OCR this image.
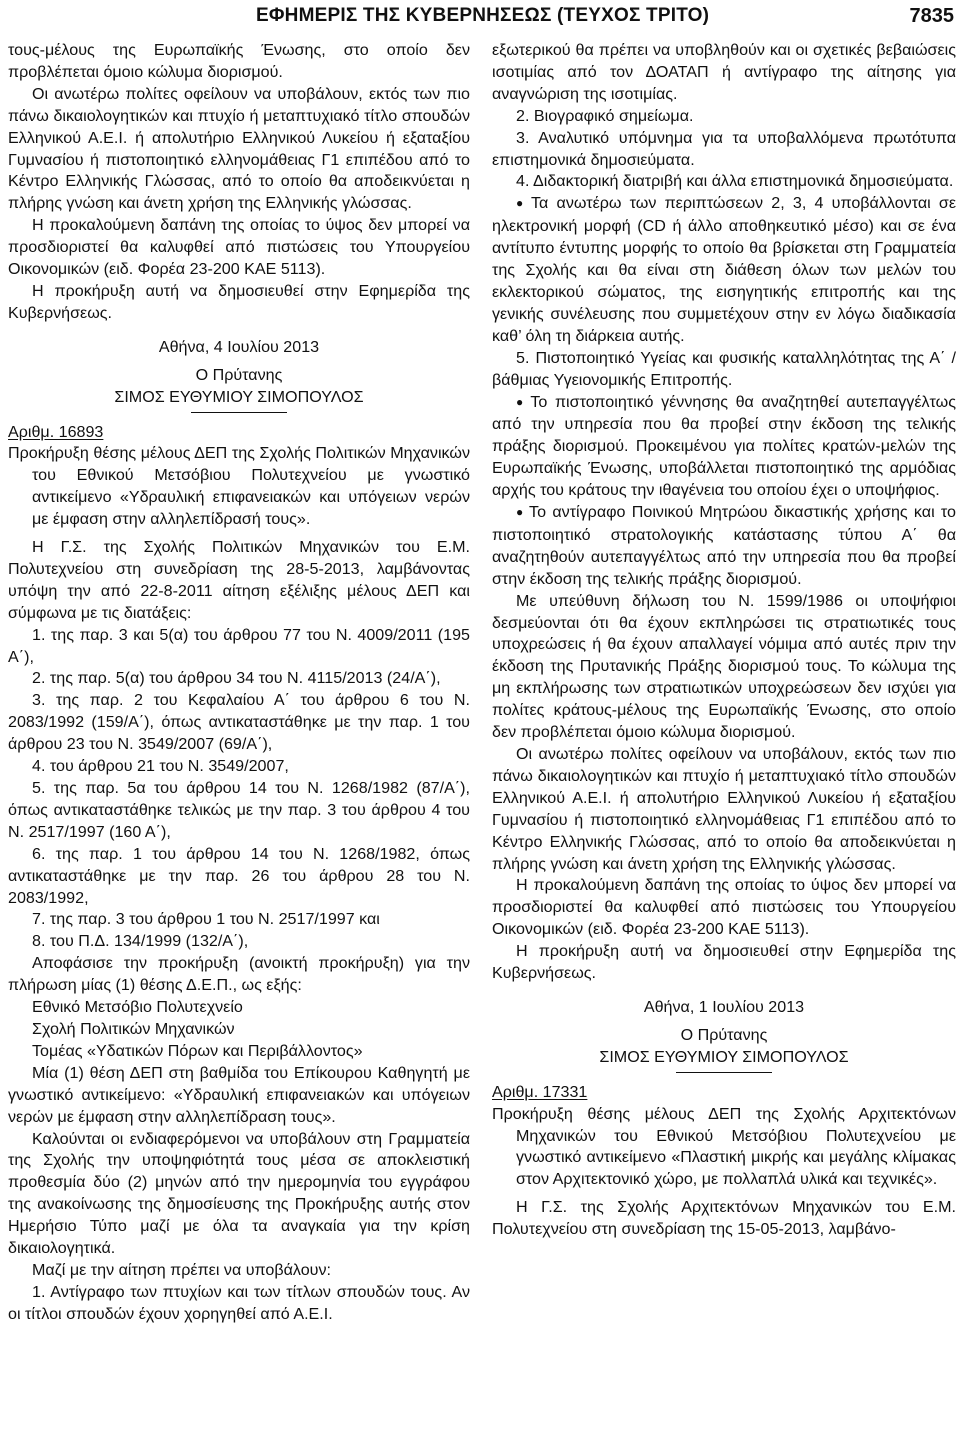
ΕΦΗΜΕΡΙΣ ΤΗΣ ΚΥΒΕΡΝΗΣΕΩΣ (ΤΕΥΧΟΣ ΤΡΙΤΟ)	7835

τους-μέλους της Ευρωπαϊκής Ένωσης, στο οποίο δεν προβλέπεται όμοιο κώλυμα διορισμού.

Οι ανωτέρω πολίτες οφείλουν να υποβάλουν, εκτός των πιο πάνω δικαιολογητικών και πτυχίο ή μεταπτυχιακό τίτλο σπουδών Ελληνικού Α.Ε.Ι. ή απολυτήριο Ελληνικού Λυκείου ή εξαταξίου Γυμνασίου ή πιστοποιητικό ελληνομάθειας Γ1 επιπέδου από το Κέντρο Ελληνικής Γλώσσας, από το οποίο θα αποδεικνύεται η πλήρης γνώση και άνετη χρήση της Ελληνικής γλώσσας.

Η προκαλούμενη δαπάνη της οποίας το ύψος δεν μπορεί να προσδιοριστεί θα καλυφθεί από πιστώσεις του Υπουργείου Οικονομικών (ειδ. Φορέα 23-200 ΚΑΕ 5113).

Η προκήρυξη αυτή να δημοσιευθεί στην Εφημερίδα της Κυβερνήσεως.

Αθήνα, 4 Ιουλίου 2013

Ο Πρύτανης

ΣΙΜΟΣ ΕΥΘΥΜΙΟΥ ΣΙΜΟΠΟΥΛΟΣ

Αριθμ. 16893

Προκήρυξη θέσης μέλους ΔΕΠ της Σχολής Πολιτικών Μηχανικών του Εθνικού Μετσόβιου Πολυτεχνείου με γνωστικό αντικείμενο «Υδραυλική επιφανειακών και υπόγειων νερών με έμφαση στην αλληλεπίδρασή τους».

Η Γ.Σ. της Σχολής Πολιτικών Μηχανικών του Ε.Μ. Πολυτεχνείου στη συνεδρίαση της 28-5-2013, λαμβάνοντας υπόψη την από 22-8-2011 αίτηση εξέλιξης μέλους ΔΕΠ και σύμφωνα με τις διατάξεις:

1. της παρ. 3 και 5(α) του άρθρου 77 του Ν. 4009/2011 (195 Α΄),

2. της παρ. 5(α) του άρθρου 34 του Ν. 4115/2013 (24/Α΄),

3. της παρ. 2 του Κεφαλαίου Α΄ του άρθρου 6 του Ν. 2083/1992 (159/Α΄), όπως αντικαταστάθηκε με την παρ. 1 του άρθρου 23 του Ν. 3549/2007 (69/Α΄),

4. του άρθρου 21 του Ν. 3549/2007,

5. της παρ. 5α του άρθρου 14 του Ν. 1268/1982 (87/Α΄), όπως αντικαταστάθηκε τελικώς με την παρ. 3 του άρθρου 4 του Ν. 2517/1997 (160 Α΄),

6. της παρ. 1 του άρθρου 14 του Ν. 1268/1982, όπως αντικαταστάθηκε με την παρ. 26 του άρθρου 28 του Ν. 2083/1992,

7. της παρ. 3 του άρθρου 1 του Ν. 2517/1997 και

8. του Π.Δ. 134/1999 (132/Α΄),

Αποφάσισε την προκήρυξη (ανοικτή προκήρυξη) για την πλήρωση μίας (1) θέσης Δ.Ε.Π., ως εξής:

Εθνικό Μετσόβιο Πολυτεχνείο

Σχολή Πολιτικών Μηχανικών

Τομέας «Υδατικών Πόρων και Περιβάλλοντος»

Μία (1) θέση ΔΕΠ στη βαθμίδα του Επίκουρου Καθηγητή με γνωστικό αντικείμενο: «Υδραυλική επιφανειακών και υπόγειων νερών με έμφαση στην αλληλεπίδραση τους».

Καλούνται οι ενδιαφερόμενοι να υποβάλουν στη Γραμματεία της Σχολής την υποψηφιότητά τους μέσα σε αποκλειστική προθεσμία δύο (2) μηνών από την ημερομηνία του εγγράφου της ανακοίνωσης της δημοσίευσης της Προκήρυξης αυτής στον Ημερήσιο Τύπο μαζί με όλα τα αναγκαία για την κρίση δικαιολογητικά.

Μαζί με την αίτηση πρέπει να υποβάλουν:

1. Αντίγραφο των πτυχίων και των τίτλων σπουδών τους. Αν οι τίτλοι σπουδών έχουν χορηγηθεί από Α.Ε.Ι.

εξωτερικού θα πρέπει να υποβληθούν και οι σχετικές βεβαιώσεις ισοτιμίας από τον ΔΟΑΤΑΠ ή αντίγραφο της αίτησης για αναγνώριση της ισοτιμίας.

2. Βιογραφικό σημείωμα.

3. Αναλυτικό υπόμνημα για τα υποβαλλόμενα πρωτότυπα επιστημονικά δημοσιεύματα.

4. Διδακτορική διατριβή και άλλα επιστημονικά δημοσιεύματα.

● Τα ανωτέρω των περιπτώσεων 2, 3, 4 υποβάλλονται σε ηλεκτρονική μορφή (CD ή άλλο αποθηκευτικό μέσο) και σε ένα αντίτυπο έντυπης μορφής το οποίο θα βρίσκεται στη Γραμματεία της Σχολής και θα είναι στη διάθεση όλων των μελών του εκλεκτορικού σώματος, της εισηγητικής επιτροπής και της γενικής συνέλευσης που συμμετέχουν στην εν λόγω διαδικασία καθ’ όλη τη διάρκεια αυτής.

5. Πιστοποιητικό Υγείας και φυσικής καταλληλότητας της Α΄ /βάθμιας Υγειονομικής Επιτροπής.

● Το πιστοποιητικό γέννησης θα αναζητηθεί αυτεπαγγέλτως από την υπηρεσία που θα προβεί στην έκδοση της τελικής πράξης διορισμού. Προκειμένου για πολίτες κρατών-μελών της Ευρωπαϊκής Ένωσης, υποβάλλεται πιστοποιητικό της αρμόδιας αρχής του κράτους την ιθαγένεια του οποίου έχει ο υποψήφιος.

● Το αντίγραφο Ποινικού Μητρώου δικαστικής χρήσης και το πιστοποιητικό στρατολογικής κατάστασης τύπου Α΄ θα αναζητηθούν αυτεπαγγέλτως από την υπηρεσία που θα προβεί στην έκδοση της τελικής πράξης διορισμού.

Με υπεύθυνη δήλωση του Ν. 1599/1986 οι υποψήφιοι δεσμεύονται ότι θα έχουν εκπληρώσει τις στρατιωτικές τους υποχρεώσεις ή θα έχουν απαλλαγεί νόμιμα από αυτές πριν την έκδοση της Πρυτανικής Πράξης διορισμού τους. Το κώλυμα της μη εκπλήρωσης των στρατιωτικών υποχρεώσεων δεν ισχύει για πολίτες κράτους-μέλους της Ευρωπαϊκής Ένωσης, στο οποίο δεν προβλέπεται όμοιο κώλυμα διορισμού.

Οι ανωτέρω πολίτες οφείλουν να υποβάλουν, εκτός των πιο πάνω δικαιολογητικών και πτυχίο ή μεταπτυχιακό τίτλο σπουδών Ελληνικού Α.Ε.Ι. ή απολυτήριο Ελληνικού Λυκείου ή εξαταξίου Γυμνασίου ή πιστοποιητικό ελληνομάθειας Γ1 επιπέδου από το Κέντρο Ελληνικής Γλώσσας, από το οποίο θα αποδεικνύεται η πλήρης γνώση και άνετη χρήση της Ελληνικής γλώσσας.

Η προκαλούμενη δαπάνη της οποίας το ύψος δεν μπορεί να προσδιοριστεί θα καλυφθεί από πιστώσεις του Υπουργείου Οικονομικών (ειδ. Φορέα 23-200 ΚΑΕ 5113).

Η προκήρυξη αυτή να δημοσιευθεί στην Εφημερίδα της Κυβερνήσεως.

Αθήνα, 1 Ιουλίου 2013

Ο Πρύτανης

ΣΙΜΟΣ ΕΥΘΥΜΙΟΥ ΣΙΜΟΠΟΥΛΟΣ

Αριθμ. 17331

Προκήρυξη θέσης μέλους ΔΕΠ της Σχολής Αρχιτεκτόνων Μηχανικών του Εθνικού Μετσόβιου Πολυτεχνείου με γνωστικό αντικείμενο «Πλαστική μικρής και μεγάλης κλίμακας στον Αρχιτεκτονικό χώρο, με πολλαπλά υλικά και τεχνικές».

Η Γ.Σ. της Σχολής Αρχιτεκτόνων Μηχανικών του Ε.Μ. Πολυτεχνείου στη συνεδρίαση της 15-05-2013, λαμβάνο-
